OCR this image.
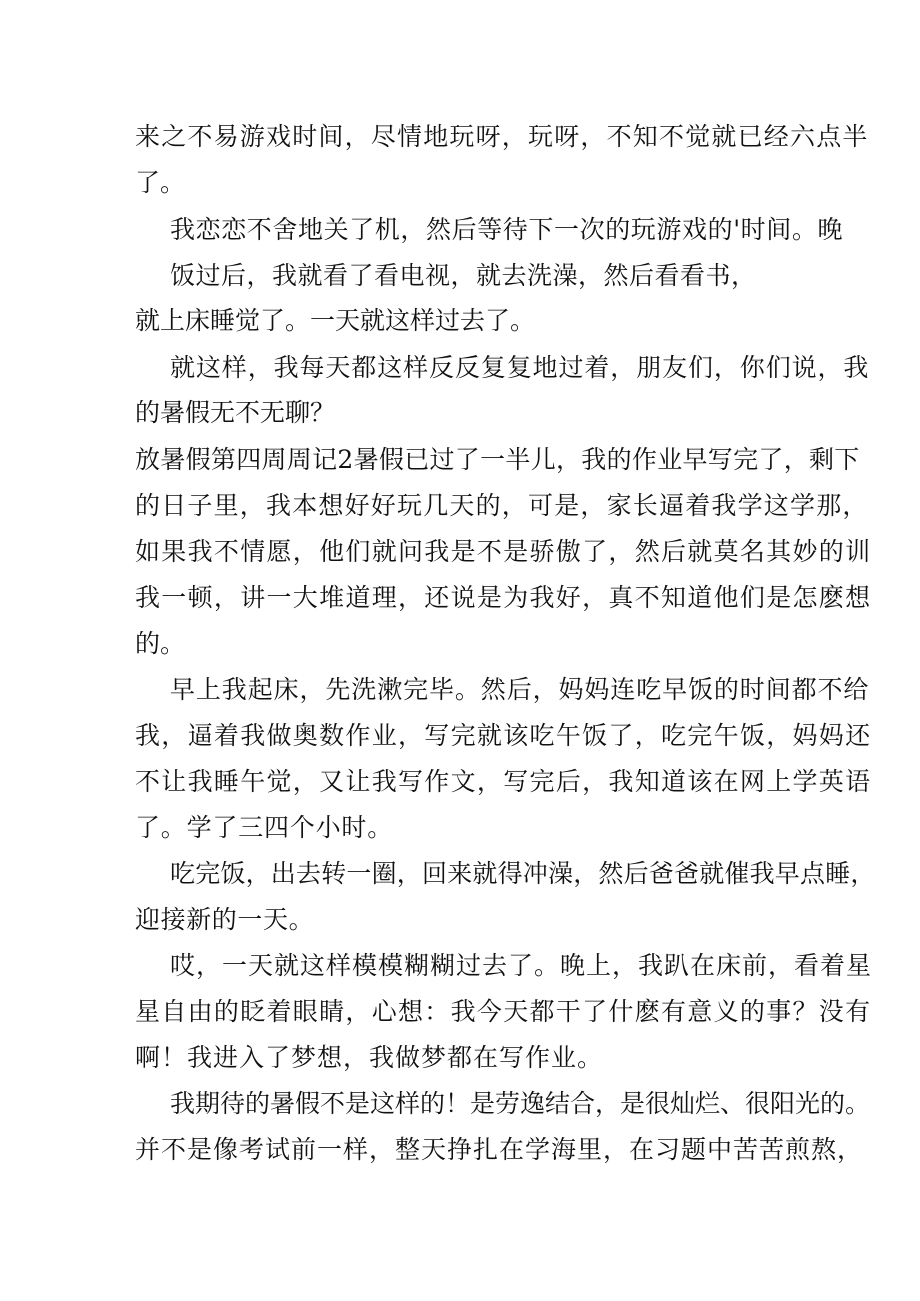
来之不易游戏时间，尽情地玩呀，玩呀，不知不觉就已经六点半
了。
我恋恋不舍地关了机，然后等待下一次的玩游戏的'时间。晚
饭过后，我就看了看电视，就去洗澡，然后看看书，
就上床睡觉了。一天就这样过去了。
就这样，我每天都这样反反复复地过着，朋友们，你们说，我
的暑假无不无聊？
放暑假第四周周记2暑假已过了一半儿，我的作业早写完了，剩下
的日子里，我本想好好玩几天的，可是，家长逼着我学这学那，
如果我不情愿，他们就问我是不是骄傲了，然后就莫名其妙的训
我一顿，讲一大堆道理，还说是为我好，真不知道他们是怎麽想
的。
早上我起床，先洗漱完毕。然后，妈妈连吃早饭的时间都不给
我，逼着我做奥数作业，写完就该吃午饭了，吃完午饭，妈妈还
不让我睡午觉，又让我写作文，写完后，我知道该在网上学英语
了。学了三四个小时。
吃完饭，出去转一圈，回来就得冲澡，然后爸爸就催我早点睡，
迎接新的一天。
哎，一天就这样模模糊糊过去了。晚上，我趴在床前，看着星
星自由的眨着眼睛，心想：我今天都干了什麽有意义的事？没有
啊！我进入了梦想，我做梦都在写作业。
我期待的暑假不是这样的！是劳逸结合，是很灿烂、很阳光的。
并不是像考试前一样，整天挣扎在学海里，在习题中苦苦煎熬，
